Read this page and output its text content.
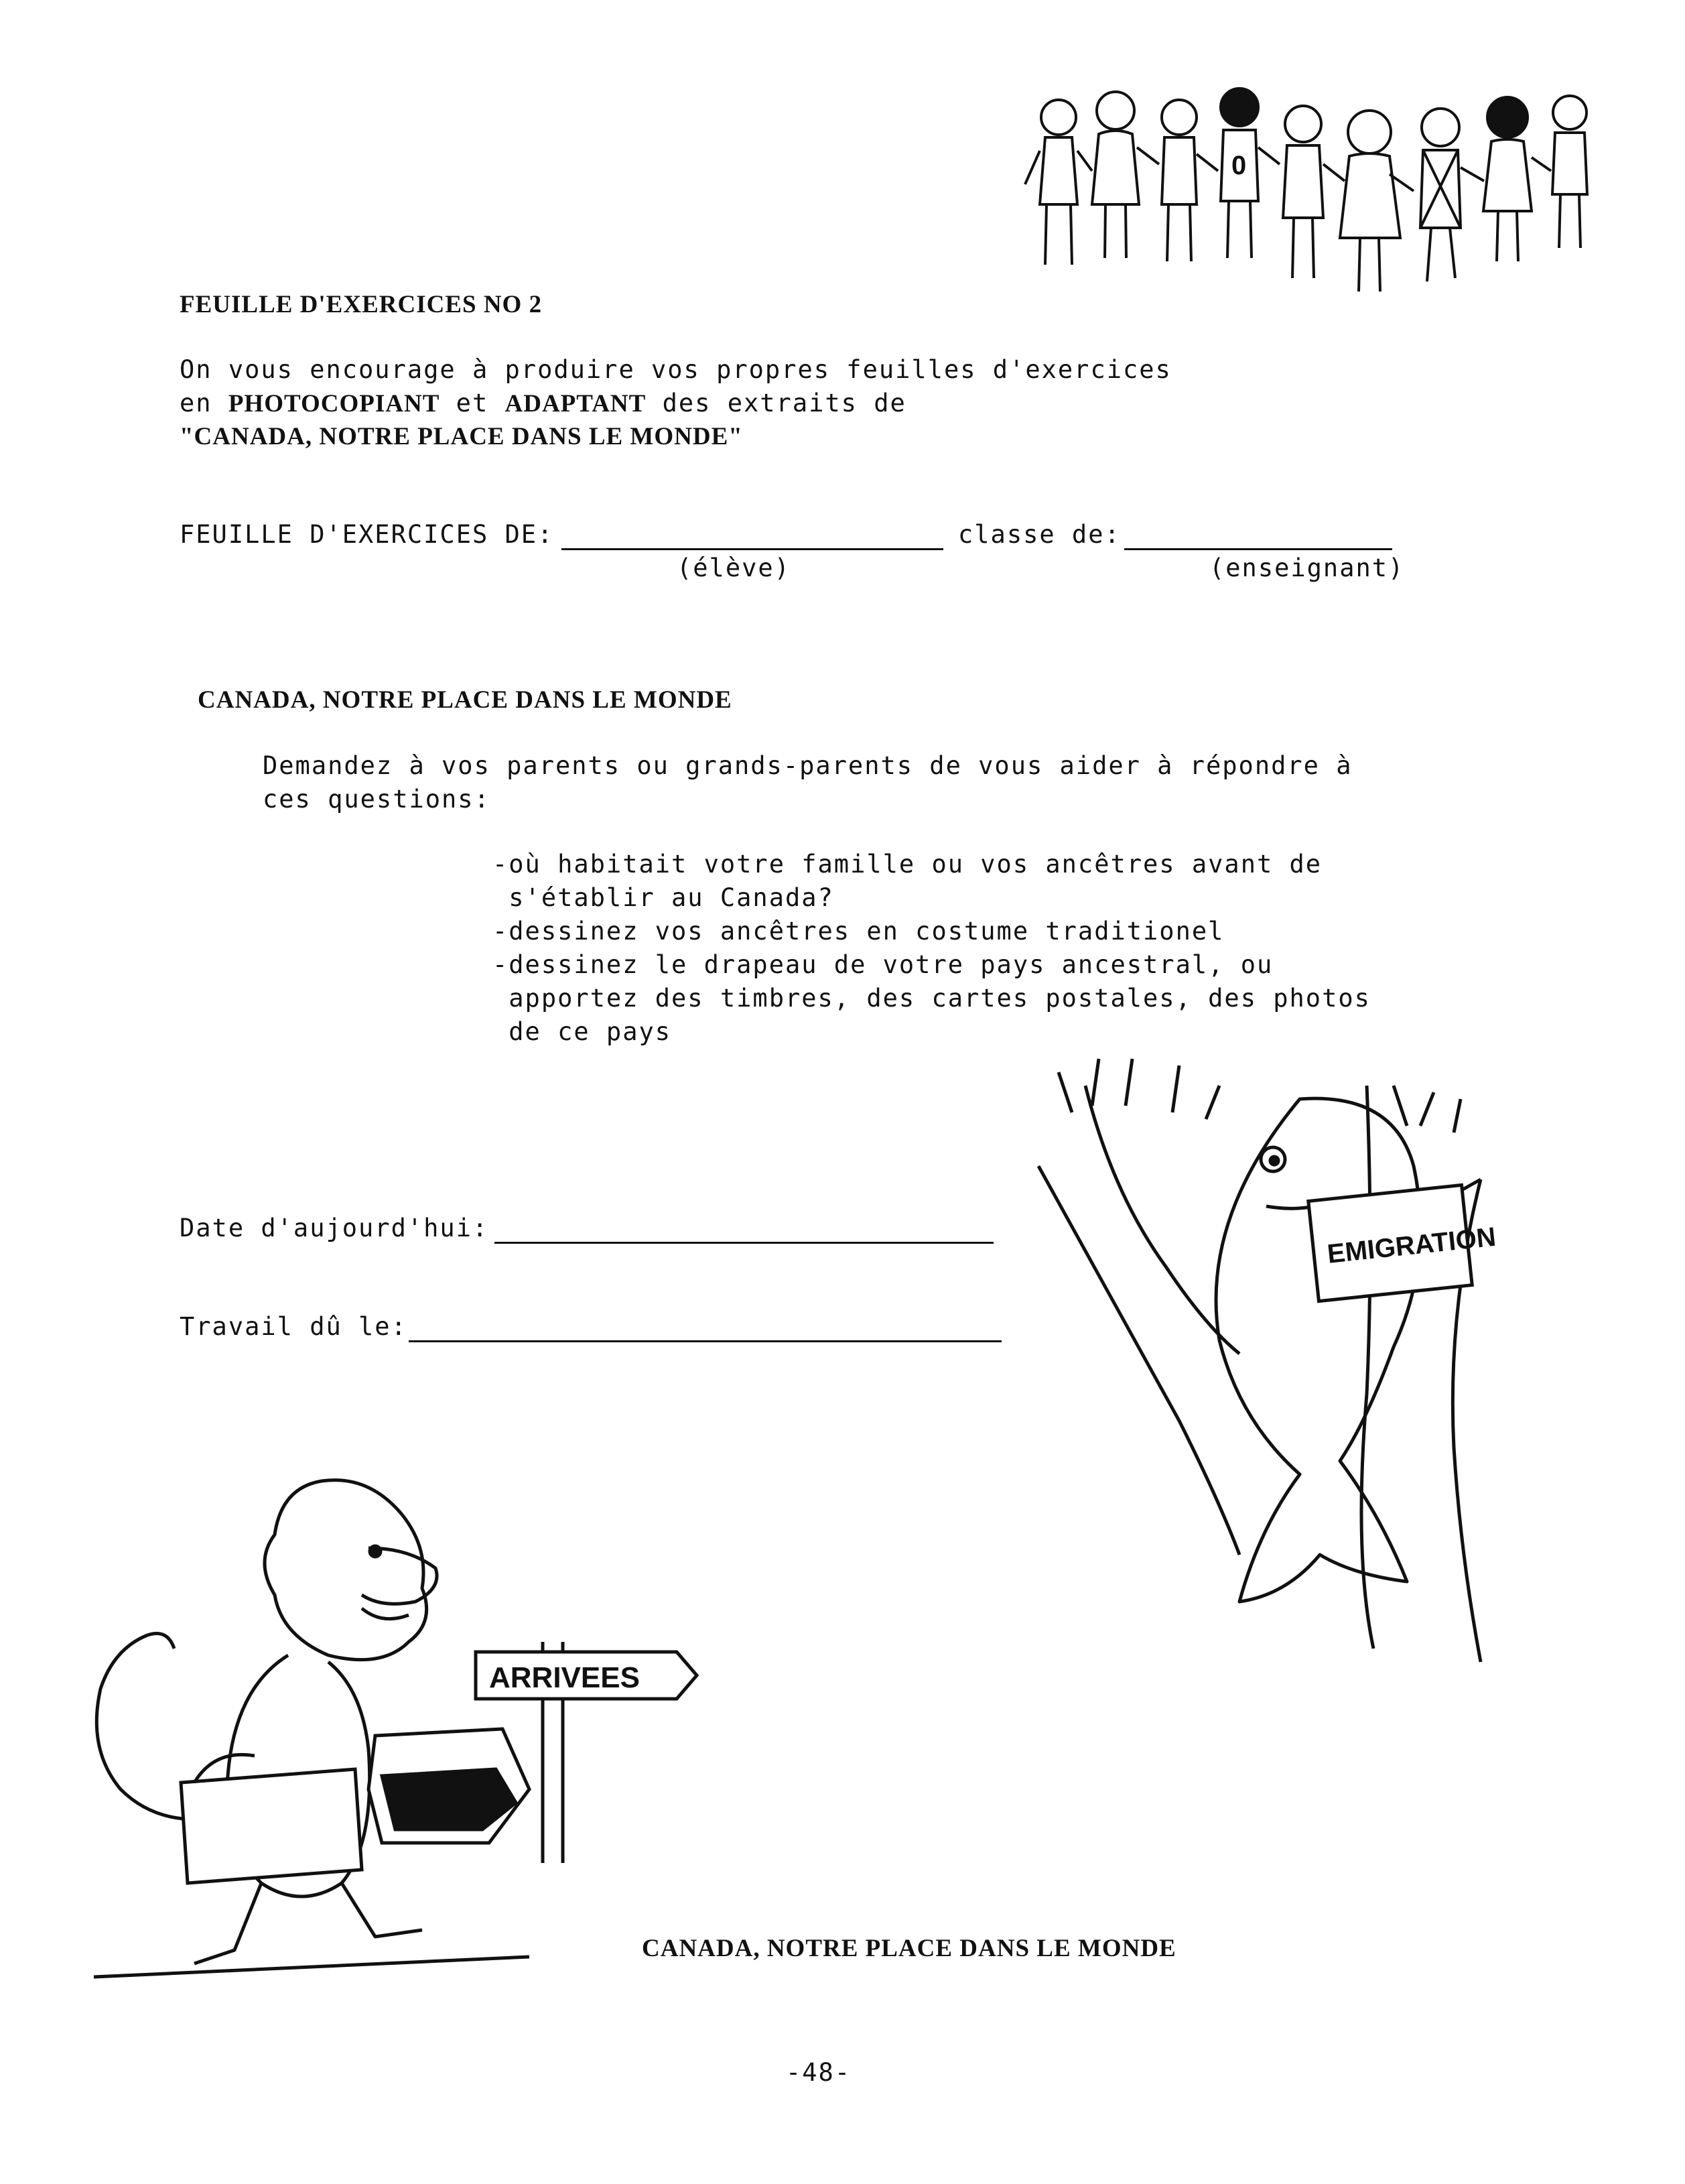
0
FEUILLE D'EXERCICES NO 2
On vous encourage à produire vos propres feuilles d'exercices
en PHOTOCOPIANT et ADAPTANT des extraits de
"CANADA, NOTRE PLACE DANS LE MONDE"
FEUILLE D'EXERCICES DE:
(élève)
classe de:
(enseignant)
CANADA, NOTRE PLACE DANS LE MONDE
Demandez à vos parents ou grands-parents de vous aider à répondre à
ces questions:
-où habitait votre famille ou vos ancêtres avant de
s'établir au Canada?
-dessinez vos ancêtres en costume traditionel
-dessinez le drapeau de votre pays ancestral, ou
apportez des timbres, des cartes postales, des photos
de ce pays
Date d'aujourd'hui:
Travail dû le:
EMIGRATION
ARRIVEES
CANADA, NOTRE PLACE DANS LE MONDE
-48-
